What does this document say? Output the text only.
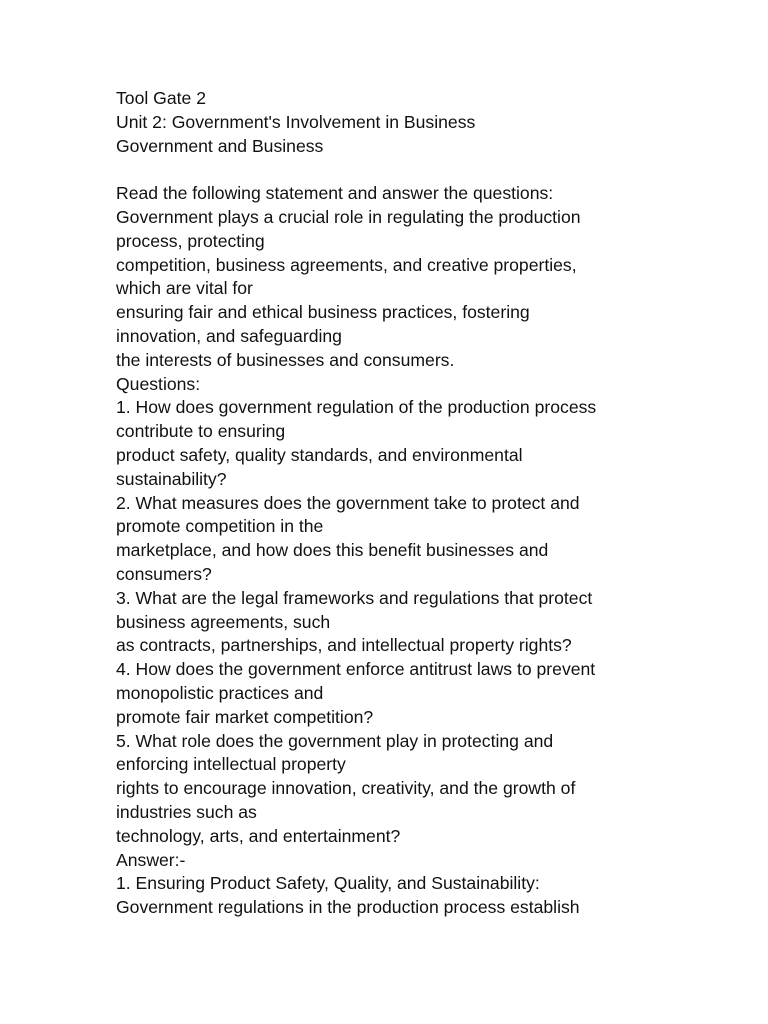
Tool Gate 2
Unit 2: Government's Involvement in Business
Government and Business
Read the following statement and answer the questions:
Government plays a crucial role in regulating the production
process, protecting
competition, business agreements, and creative properties,
which are vital for
ensuring fair and ethical business practices, fostering
innovation, and safeguarding
the interests of businesses and consumers.
Questions:
1. How does government regulation of the production process
contribute to ensuring
product safety, quality standards, and environmental
sustainability?
2. What measures does the government take to protect and
promote competition in the
marketplace, and how does this benefit businesses and
consumers?
3. What are the legal frameworks and regulations that protect
business agreements, such
as contracts, partnerships, and intellectual property rights?
4. How does the government enforce antitrust laws to prevent
monopolistic practices and
promote fair market competition?
5. What role does the government play in protecting and
enforcing intellectual property
rights to encourage innovation, creativity, and the growth of
industries such as
technology, arts, and entertainment?
Answer:-
1. Ensuring Product Safety, Quality, and Sustainability:
Government regulations in the production process establish
